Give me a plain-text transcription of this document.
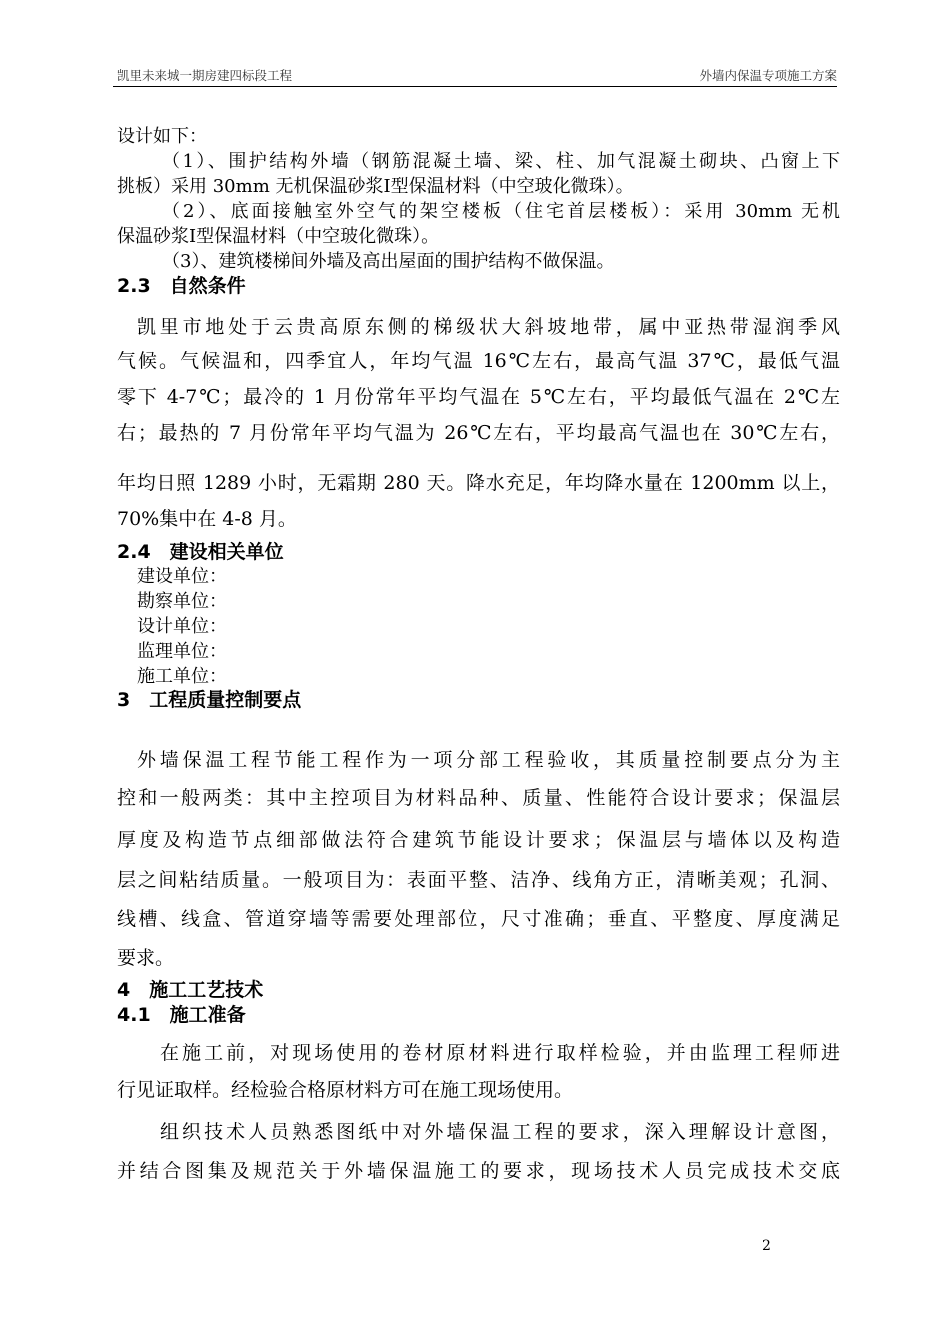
凯里未来城一期房建四标段工程	外墙内保温专项施工方案
设计如下：
（1）、围护结构外墙（钢筋混凝土墙、梁、柱、加气混凝土砌块、凸窗上下
挑板）采用 30mm 无机保温砂浆Ⅰ型保温材料（中空玻化微珠）。
（2）、底面接触室外空气的架空楼板（住宅首层楼板）：采用 30mm 无机
保温砂浆Ⅰ型保温材料（中空玻化微珠）。
（3）、建筑楼梯间外墙及高出屋面的围护结构不做保温。
2.3　自然条件
凯里市地处于云贵高原东侧的梯级状大斜坡地带，属中亚热带湿润季风
气候。气候温和，四季宜人，年均气温 16℃左右，最高气温 37℃，最低气温
零下 4-7℃；最冷的 1 月份常年平均气温在 5℃左右，平均最低气温在 2℃左
右；最热的 7 月份常年平均气温为 26℃左右，平均最高气温也在 30℃左右，
年均日照 1289 小时，无霜期 280 天。降水充足，年均降水量在 1200mm 以上，
70%集中在 4-8 月。
2.4　建设相关单位
建设单位：
勘察单位：
设计单位：
监理单位：
施工单位：
3　工程质量控制要点
外墙保温工程节能工程作为一项分部工程验收，其质量控制要点分为主
控和一般两类：其中主控项目为材料品种、质量、性能符合设计要求；保温层
厚度及构造节点细部做法符合建筑节能设计要求；保温层与墙体以及构造
层之间粘结质量。一般项目为：表面平整、洁净、线角方正，清晰美观；孔洞、
线槽、线盒、管道穿墙等需要处理部位，尺寸准确；垂直、平整度、厚度满足
要求。
4　施工工艺技术
4.1　施工准备
在施工前，对现场使用的卷材原材料进行取样检验，并由监理工程师进
行见证取样。经检验合格原材料方可在施工现场使用。
组织技术人员熟悉图纸中对外墙保温工程的要求，深入理解设计意图，
并结合图集及规范关于外墙保温施工的要求，现场技术人员完成技术交底
2
